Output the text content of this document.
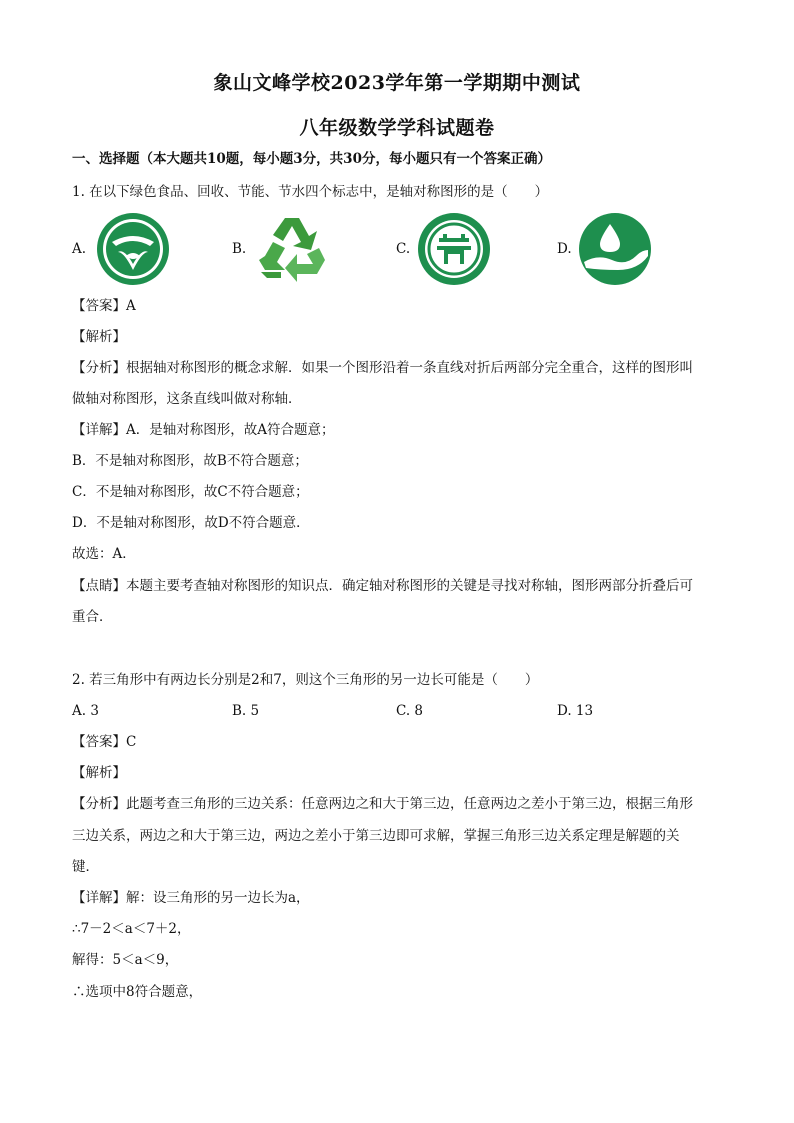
象山文峰学校2023学年第一学期期中测试
八年级数学学科试题卷
一、选择题（本大题共10题，每小题3分，共30分，每小题只有一个答案正确）
1. 在以下绿色食品、回收、节能、节水四个标志中，是轴对称图形的是（　　）
A.	B.	C.	D.
【答案】A
【解析】
【分析】根据轴对称图形的概念求解．如果一个图形沿着一条直线对折后两部分完全重合，这样的图形叫
做轴对称图形，这条直线叫做对称轴．
【详解】A．是轴对称图形，故A符合题意；
B．不是轴对称图形，故B不符合题意；
C．不是轴对称图形，故C不符合题意；
D．不是轴对称图形，故D不符合题意．
故选：A．
【点睛】本题主要考查轴对称图形的知识点．确定轴对称图形的关键是寻找对称轴，图形两部分折叠后可
重合．
2. 若三角形中有两边长分别是2和7，则这个三角形的另一边长可能是（　　）
A. 3	B. 5	C. 8	D. 13
【答案】C
【解析】
【分析】此题考查三角形的三边关系：任意两边之和大于第三边，任意两边之差小于第三边，根据三角形
三边关系，两边之和大于第三边，两边之差小于第三边即可求解，掌握三角形三边关系定理是解题的关
键．
【详解】解：设三角形的另一边长为a，
∴7－2＜a＜7＋2，
解得：5＜a＜9，
∴选项中8符合题意，
